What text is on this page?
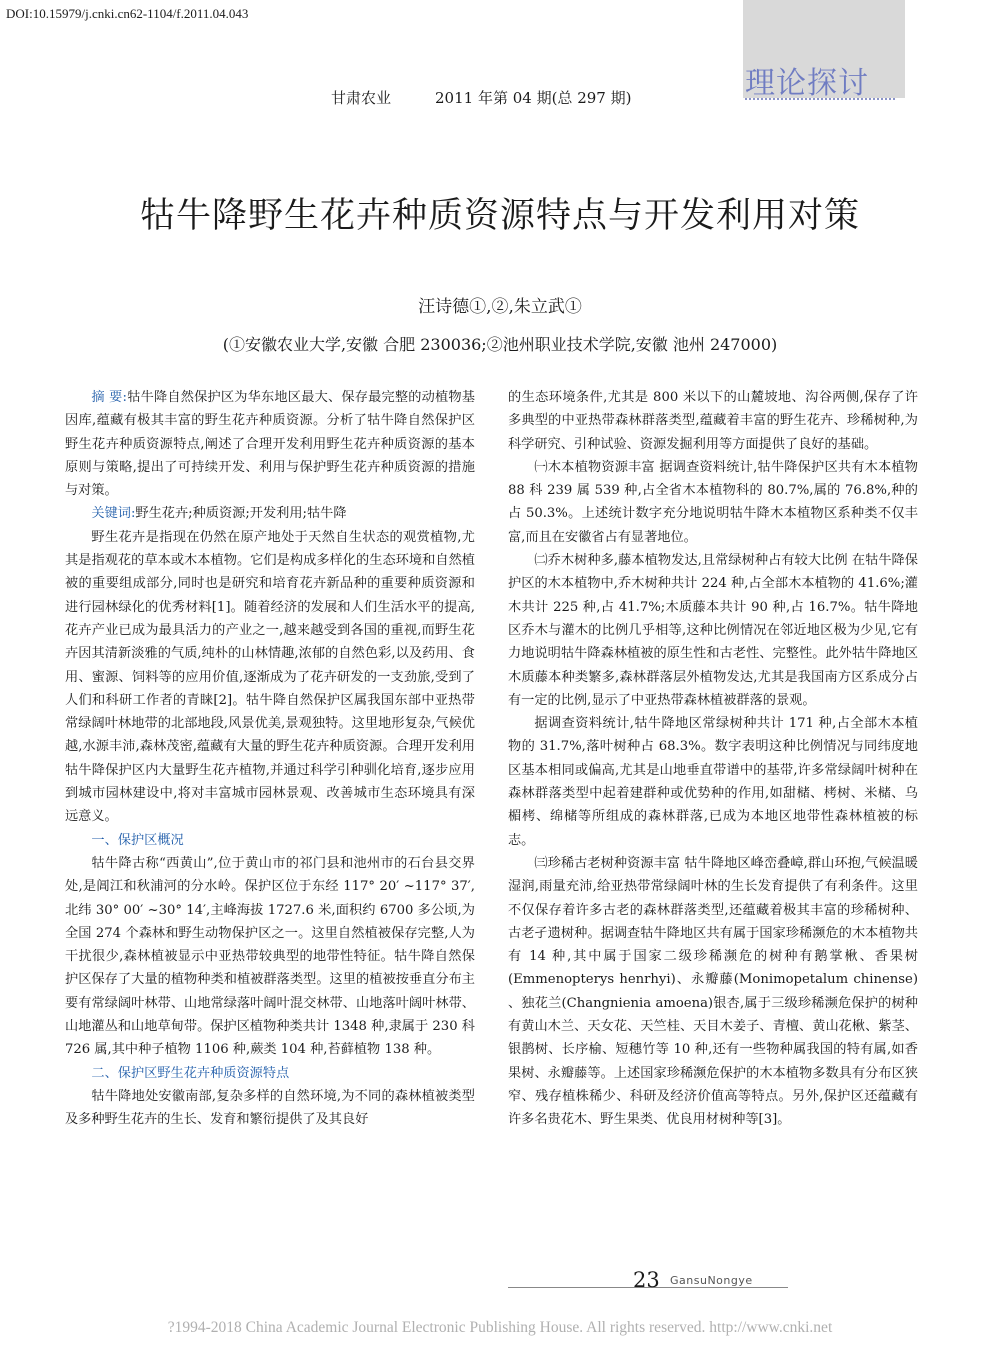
DOI:10.15979/j.cnki.cn62-1104/f.2011.04.043
理论探讨
甘肃农业	2011 年第 04 期(总 297 期)
牯牛降野生花卉种质资源特点与开发利用对策
汪诗德①,②,朱立武①
(①安徽农业大学,安徽 合肥 230036;②池州职业技术学院,安徽 池州 247000)

摘 要:牯牛降自然保护区为华东地区最大、保存最完整的动植物基因库,蕴藏有极其丰富的野生花卉种质资源。分析了牯牛降自然保护区野生花卉种质资源特点,阐述了合理开发利用野生花卉种质资源的基本原则与策略,提出了可持续开发、利用与保护野生花卉种质资源的措施与对策。

关键词:野生花卉;种质资源;开发利用;牯牛降

野生花卉是指现在仍然在原产地处于天然自生状态的观赏植物,尤其是指观花的草本或木本植物。它们是构成多样化的生态环境和自然植被的重要组成部分,同时也是研究和培育花卉新品种的重要种质资源和进行园林绿化的优秀材料[1]。随着经济的发展和人们生活水平的提高,花卉产业已成为最具活力的产业之一,越来越受到各国的重视,而野生花卉因其清新淡雅的气质,纯朴的山林情趣,浓郁的自然色彩,以及药用、食用、蜜源、饲料等的应用价值,逐渐成为了花卉研发的一支劲旅,受到了人们和科研工作者的青睐[2]。牯牛降自然保护区属我国东部中亚热带常绿阔叶林地带的北部地段,风景优美,景观独特。这里地形复杂,气候优越,水源丰沛,森林茂密,蕴藏有大量的野生花卉种质资源。合理开发利用牯牛降保护区内大量野生花卉植物,并通过科学引种驯化培育,逐步应用到城市园林建设中,将对丰富城市园林景观、改善城市生态环境具有深远意义。

一、保护区概况

牯牛降古称“西黄山”,位于黄山市的祁门县和池州市的石台县交界处,是阊江和秋浦河的分水岭。保护区位于东经 117° 20′ ~117° 37′,北纬 30° 00′ ~30° 14′,主峰海拔 1727.6 米,面积约 6700 多公顷,为全国 274 个森林和野生动物保护区之一。这里自然植被保存完整,人为干扰很少,森林植被显示中亚热带较典型的地带性特征。牯牛降自然保护区保存了大量的植物种类和植被群落类型。这里的植被按垂直分布主要有常绿阔叶林带、山地常绿落叶阔叶混交林带、山地落叶阔叶林带、山地灌丛和山地草甸带。保护区植物种类共计 1348 种,隶属于 230 科 726 属,其中种子植物 1106 种,蕨类 104 种,苔藓植物 138 种。

二、保护区野生花卉种质资源特点

牯牛降地处安徽南部,复杂多样的自然环境,为不同的森林植被类型及多种野生花卉的生长、发育和繁衍提供了及其良好

的生态环境条件,尤其是 800 米以下的山麓坡地、沟谷两侧,保存了许多典型的中亚热带森林群落类型,蕴藏着丰富的野生花卉、珍稀树种,为科学研究、引种试验、资源发掘利用等方面提供了良好的基础。

㈠木本植物资源丰富 据调查资料统计,牯牛降保护区共有木本植物 88 科 239 属 539 种,占全省木本植物科的 80.7%,属的 76.8%,种的占 50.3%。上述统计数字充分地说明牯牛降木本植物区系种类不仅丰富,而且在安徽省占有显著地位。

㈡乔木树种多,藤本植物发达,且常绿树种占有较大比例 在牯牛降保护区的木本植物中,乔木树种共计 224 种,占全部木本植物的 41.6%;灌木共计 225 种,占 41.7%;木质藤本共计 90 种,占 16.7%。牯牛降地区乔木与灌木的比例几乎相等,这种比例情况在邻近地区极为少见,它有力地说明牯牛降森林植被的原生性和古老性、完整性。此外牯牛降地区木质藤本种类繁多,森林群落层外植物发达,尤其是我国南方区系成分占有一定的比例,显示了中亚热带森林植被群落的景观。

据调查资料统计,牯牛降地区常绿树种共计 171 种,占全部木本植物的 31.7%,落叶树种占 68.3%。数字表明这种比例情况与同纬度地区基本相同或偏高,尤其是山地垂直带谱中的基带,许多常绿阔叶树种在森林群落类型中起着建群种或优势种的作用,如甜槠、栲树、米槠、乌楣栲、绵槠等所组成的森林群落,已成为本地区地带性森林植被的标志。

㈢珍稀古老树种资源丰富 牯牛降地区峰峦叠嶂,群山环抱,气候温暖湿润,雨量充沛,给亚热带常绿阔叶林的生长发育提供了有利条件。这里不仅保存着许多古老的森林群落类型,还蕴藏着极其丰富的珍稀树种、古老孑遗树种。据调查牯牛降地区共有属于国家珍稀濒危的木本植物共有 14 种,其中属于国家二级珍稀濒危的树种有鹅掌楸、香果树(Emmenopterys henrhyi)、永瓣藤(Monimopetalum chinense) 、独花兰(Changnienia amoena)银杏,属于三级珍稀濒危保护的树种有黄山木兰、天女花、天竺桂、天目木姜子、青檀、黄山花楸、紫茎、银鹊树、长序榆、短穗竹等 10 种,还有一些物种属我国的特有属,如香果树、永瓣藤等。上述国家珍稀濒危保护的木本植物多数具有分布区狭窄、残存植株稀少、科研及经济价值高等特点。另外,保护区还蕴藏有许多名贵花木、野生果类、优良用材树种等[3]。

23 GansuNongye
?1994-2018 China Academic Journal Electronic Publishing House. All rights reserved. http://www.cnki.net
